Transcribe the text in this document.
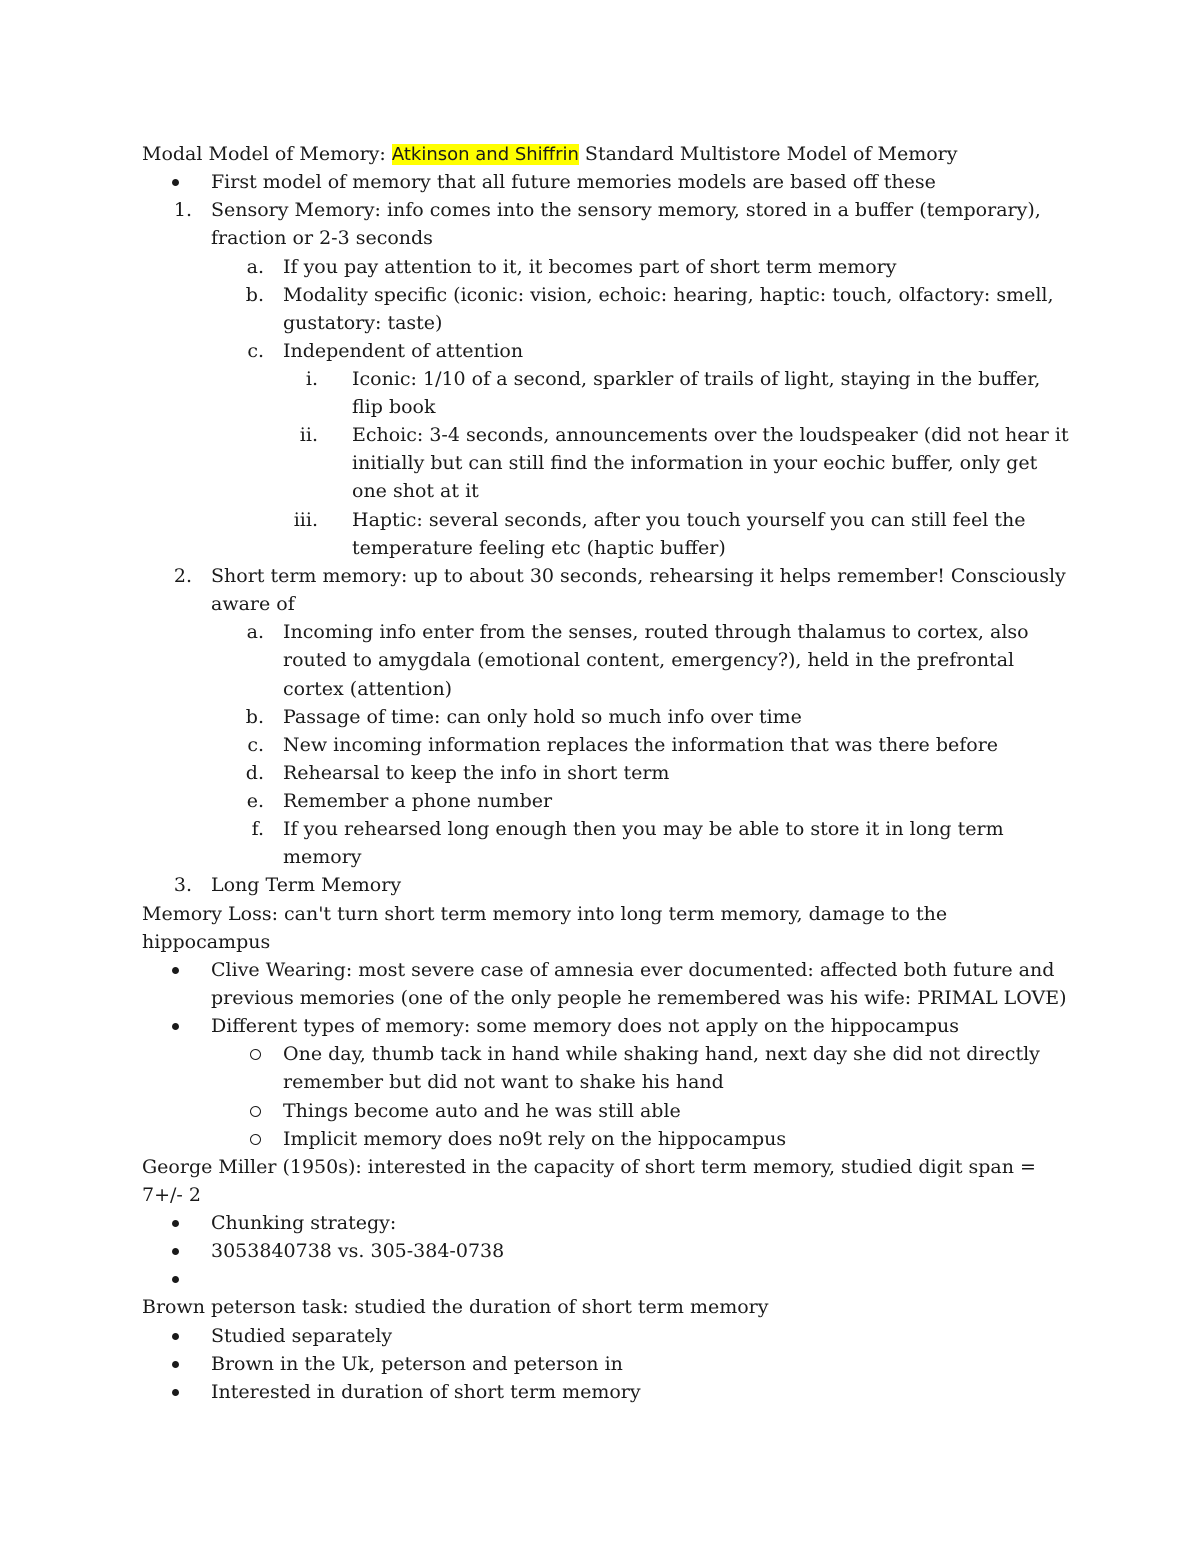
Modal Model of Memory: Atkinson and Shiffrin Standard Multistore Model of Memory
First model of memory that all future memories models are based off these
1. Sensory Memory: info comes into the sensory memory, stored in a buffer (temporary),
fraction or 2-3 seconds
a. If you pay attention to it, it becomes part of short term memory
b. Modality specific (iconic: vision, echoic: hearing, haptic: touch, olfactory: smell,
gustatory: taste)
c. Independent of attention
i. Iconic: 1/10 of a second, sparkler of trails of light, staying in the buffer,
flip book
ii. Echoic: 3-4 seconds, announcements over the loudspeaker (did not hear it
initially but can still find the information in your eochic buffer, only get
one shot at it
iii. Haptic: several seconds, after you touch yourself you can still feel the
temperature feeling etc (haptic buffer)
2. Short term memory: up to about 30 seconds, rehearsing it helps remember! Consciously
aware of
a. Incoming info enter from the senses, routed through thalamus to cortex, also
routed to amygdala (emotional content, emergency?), held in the prefrontal
cortex (attention)
b. Passage of time: can only hold so much info over time
c. New incoming information replaces the information that was there before
d. Rehearsal to keep the info in short term
e. Remember a phone number
f. If you rehearsed long enough then you may be able to store it in long term
memory
3. Long Term Memory
Memory Loss: can't turn short term memory into long term memory, damage to the
hippocampus
Clive Wearing: most severe case of amnesia ever documented: affected both future and
previous memories (one of the only people he remembered was his wife: PRIMAL LOVE)
Different types of memory: some memory does not apply on the hippocampus
One day, thumb tack in hand while shaking hand, next day she did not directly
remember but did not want to shake his hand
Things become auto and he was still able
Implicit memory does no9t rely on the hippocampus
George Miller (1950s): interested in the capacity of short term memory, studied digit span =
7+/- 2
Chunking strategy:
3053840738 vs. 305-384-0738
Brown peterson task: studied the duration of short term memory
Studied separately
Brown in the Uk, peterson and peterson in
Interested in duration of short term memory
